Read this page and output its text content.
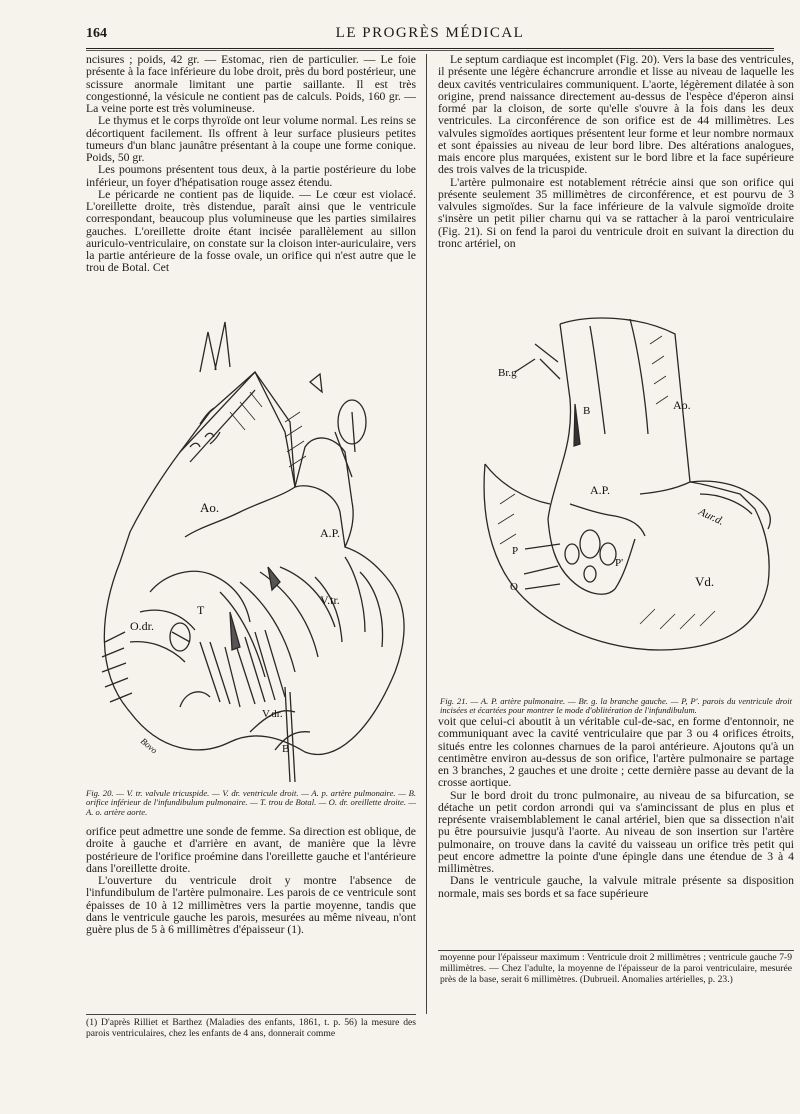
164	LE PROGRÈS MÉDICAL

ncisures ; poids, 42 gr. — Estomac, rien de particulier. — Le foie présente à la face inférieure du lobe droit, près du bord postérieur, une scissure anormale limitant une partie saillante. Il est très congestionné, la vésicule ne contient pas de calculs. Poids, 160 gr. — La veine porte est très volumineuse.

Le thymus et le corps thyroïde ont leur volume normal. Les reins se décortiquent facilement. Ils offrent à leur surface plusieurs petites tumeurs d'un blanc jaunâtre présentant à la coupe une forme conique. Poids, 50 gr.

Les poumons présentent tous deux, à la partie postérieure du lobe inférieur, un foyer d'hépatisation rouge assez étendu.

Le péricarde ne contient pas de liquide. — Le cœur est violacé. L'oreillette droite, très distendue, paraît ainsi que le ventricule correspondant, beaucoup plus volumineuse que les parties similaires gauches. L'oreillette droite étant incisée parallèlement au sillon auriculo-ventriculaire, on constate sur la cloison inter-auriculaire, vers la partie antérieure de la fosse ovale, un orifice qui n'est autre que le trou de Botal. Cet

Ao.
A.P.
V.tr.
O.dr.
T
V.dr.
B
Bovo
Fig. 20. — V. tr. valvule tricuspide. — V. dr. ventricule droit. — A. p. artère pulmonaire. — B. orifice inférieur de l'infundibulum pulmonaire. — T. trou de Botal. — O. dr. oreillette droite. — A. o. artère aorte.

orifice peut admettre une sonde de femme. Sa direction est oblique, de droite à gauche et d'arrière en avant, de manière que la lèvre postérieure de l'orifice proémine dans l'oreillette gauche et l'antérieure dans l'oreillette droite.

L'ouverture du ventricule droit y montre l'absence de l'infundibulum de l'artère pulmonaire. Les parois de ce ventricule sont épaisses de 10 à 12 millimètres vers la partie moyenne, tandis que dans le ventricule gauche les parois, mesurées au même niveau, n'ont guère plus de 5 à 6 millimètres d'épaisseur (1).

Le septum cardiaque est incomplet (Fig. 20). Vers la base des ventricules, il présente une légère échancrure arrondie et lisse au niveau de laquelle les deux cavités ventriculaires communiquent. L'aorte, légèrement dilatée à son origine, prend naissance directement au-dessus de l'espèce d'éperon ainsi formé par la cloison, de sorte qu'elle s'ouvre à la fois dans les deux ventricules. La circonférence de son orifice est de 44 millimètres. Les valvules sigmoïdes aortiques présentent leur forme et leur nombre normaux et sont épaissies au niveau de leur bord libre. Des altérations analogues, mais encore plus marquées, existent sur le bord libre et la face supérieure des trois valves de la tricuspide.

L'artère pulmonaire est notablement rétrécie ainsi que son orifice qui présente seulement 35 millimètres de circonférence, et est pourvu de 3 valvules sigmoïdes. Sur la face inférieure de la valvule sigmoïde droite s'insère un petit pilier charnu qui va se rattacher à la paroi ventriculaire (Fig. 21). Si on fend la paroi du ventricule droit en suivant la direction du tronc artériel, on

Br.g
B	Ao.
A.P.
Aur.d.
P
P'
O	Vd.
Fig. 21. — A. P. artère pulmonaire. — Br. g. la branche gauche. — P, P'. parois du ventricule droit incisées et écartées pour montrer le mode d'oblitération de l'infundibulum.

voit que celui-ci aboutit à un véritable cul-de-sac, en forme d'entonnoir, ne communiquant avec la cavité ventriculaire que par 3 ou 4 orifices étroits, situés entre les colonnes charnues de la paroi antérieure. Ajoutons qu'à un centimètre environ au-dessus de son orifice, l'artère pulmonaire se partage en 3 branches, 2 gauches et une droite ; cette dernière passe au devant de la crosse aortique.

Sur le bord droit du tronc pulmonaire, au niveau de sa bifurcation, se détache un petit cordon arrondi qui va s'amincissant de plus en plus et représente vraisemblablement le canal artériel, bien que sa dissection n'ait pu être poursuivie jusqu'à l'aorte. Au niveau de son insertion sur l'artère pulmonaire, on trouve dans la cavité du vaisseau un orifice très petit qui peut encore admettre la pointe d'une épingle dans une étendue de 3 à 4 millimètres.

Dans le ventricule gauche, la valvule mitrale présente sa disposition normale, mais ses bords et sa face supérieure

(1) D'après Rilliet et Barthez (Maladies des enfants, 1861, t. p. 56) la mesure des parois ventriculaires, chez les enfants de 4 ans, donnerait comme
moyenne pour l'épaisseur maximum : Ventricule droit 2 millimètres ; ventricule gauche 7-9 millimètres. — Chez l'adulte, la moyenne de l'épaisseur de la paroi ventriculaire, mesurée près de la base, serait 6 millimètres. (Dubrueil. Anomalies artérielles, p. 23.)
